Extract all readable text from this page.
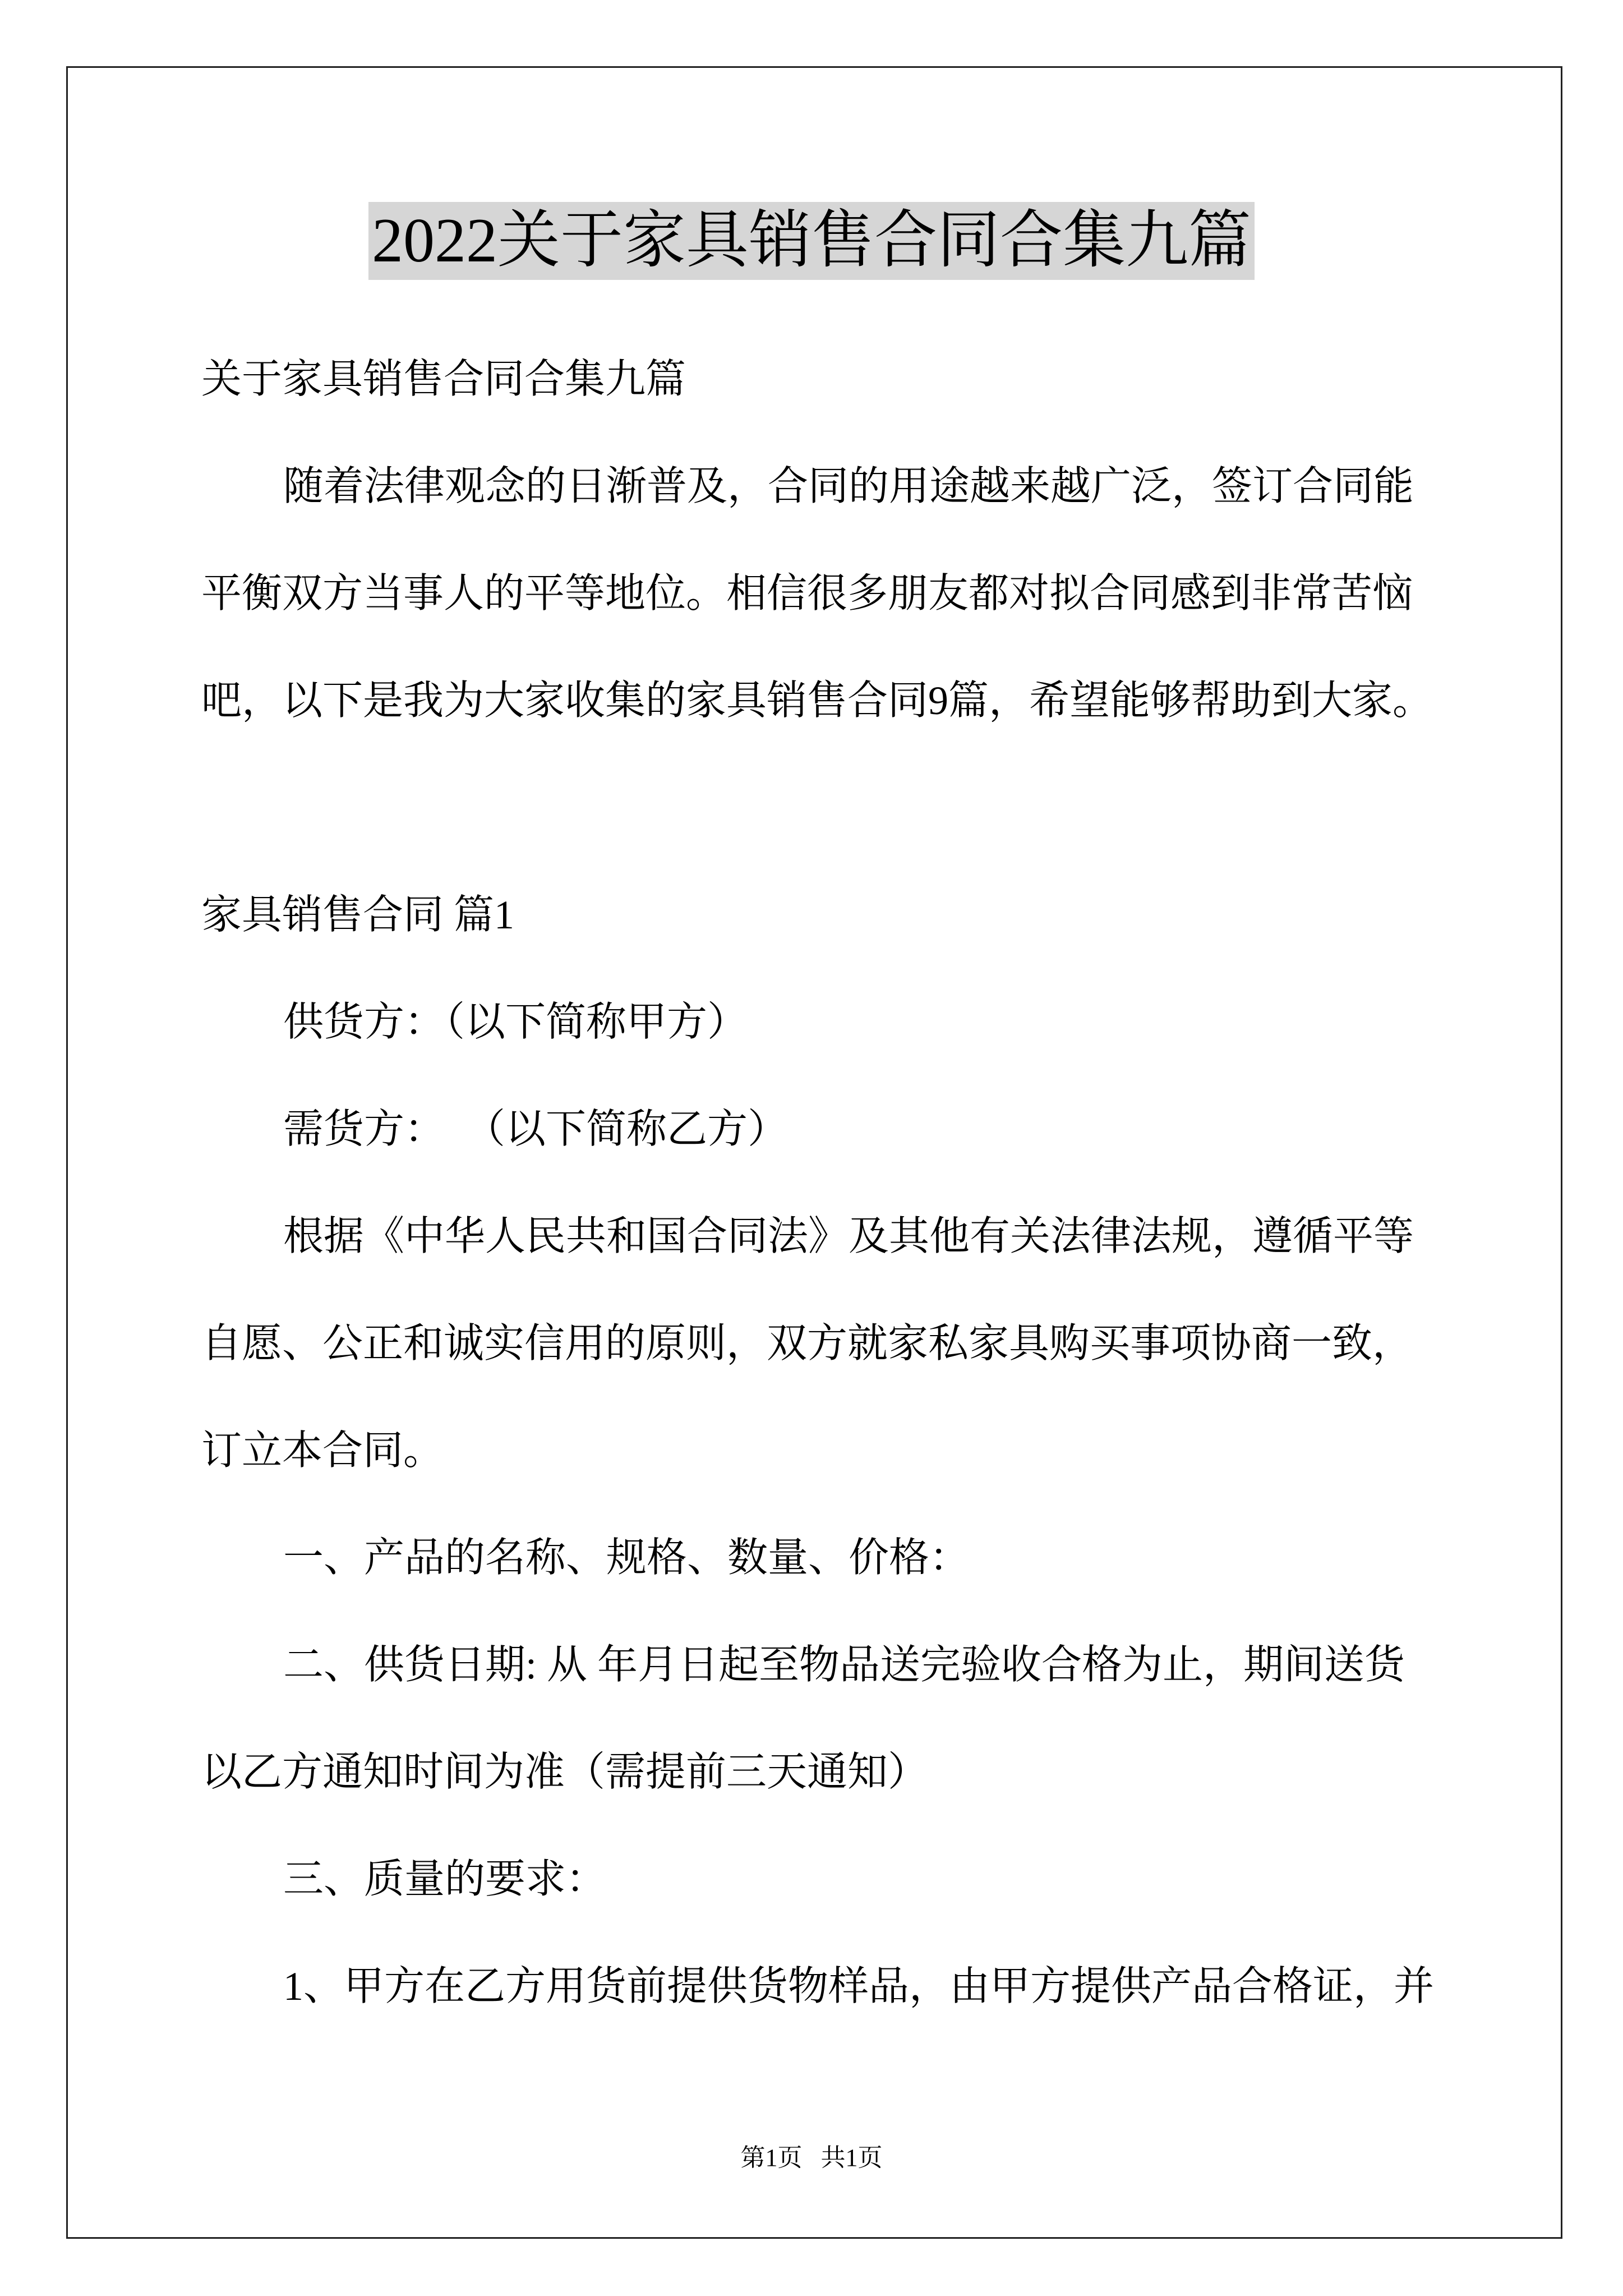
2022关于家具销售合同合集九篇
关于家具销售合同合集九篇
随着法律观念的日渐普及，合同的用途越来越广泛，签订合同能
平衡双方当事人的平等地位。相信很多朋友都对拟合同感到非常苦恼
吧，以下是我为大家收集的家具销售合同9篇，希望能够帮助到大家。
家具销售合同 篇1
供货方：（以下简称甲方）
需货方：  （以下简称乙方）
根据《中华人民共和国合同法》及其他有关法律法规，遵循平等
自愿、公正和诚实信用的原则，双方就家私家具购买事项协商一致，
订立本合同。
一、产品的名称、规格、数量、价格：
二、供货日期: 从 年月日起至物品送完验收合格为止，期间送货
以乙方通知时间为准（需提前三天通知）
三、质量的要求：
1、甲方在乙方用货前提供货物样品，由甲方提供产品合格证，并
第1页   共1页
